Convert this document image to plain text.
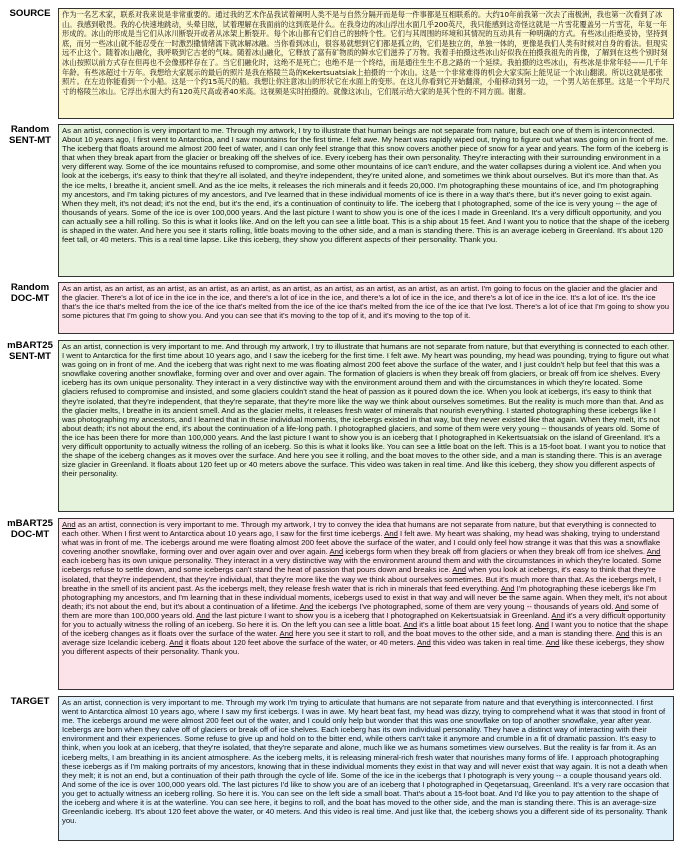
SOURCE	作为一名艺术家，联系对我来说是非常重要的。通过我的艺术作品我试着阐明人类不是与自然分隔开而是每一件事都是互相联系的。大约10年前我第一次去了南极洲，我也第一次看到了冰山。我感到敬畏。我的心快速地跳动，头晕目眩，试着理解在我面前的这到底是什么。在我身边的冰山浮出水面几乎200英尺，我只能感到这奇怪这就是一片雪花覆盖另一片雪花，年复一年形成的。冰山的形成是当它们从冰川断裂开或者从冰架上断裂开。每个冰山都有它们自己的独特个性。它们与其周围的环境和其情况的互动具有一种明确的方式。有些冰山拒绝妥协，坚持到底，而另一些冰山就不能忍受在一时激烈撒情绪濡下就冰解冰融。当你看到冰山，很容易就想到它们都是孤立的，它们是独立的，单独一体的，更像是我们人类有时候对自身的看法。但现实远不止这个。随着冰山融化，我呼吸到它古老的气味。随着冰山融化，它释放了富有矿物质的鲜水它们滋养了万物。我着手拍摄这些冰山好似我在拍摄我祖先的肖像，了解到在这些个别时刻冰山按照以前方式存在但再也不会像那样存在了。当它们融化时，这绝不是死亡；也绝不是一个终结，而是通往生生不息之路的一个延续。我拍摄的这些冰山，有些冰是非常年轻——几千年年龄。有些冰超过十万年。我想给大家展示的最后的照片是我在格陵兰岛的Kekertsuatsiak上拍摄的一个冰山。这是一个非常难得的机会大家实际上能见证一个冰山翻滚。所以这就是那张照片。在左边你能看到一个小船。这是一个约15英尺的船。我想让你注意冰山的形状它在水面上的变形。在这儿你看到它开始翻滚，小船移动到另一边，一个男人站在那里。这是一个平均尺寸的格陵兰冰山。它浮出水面大约有120英尺高或者40米高。这视频是实时拍摄的。就像这冰山，它们展示给大家的是其个性的不同方面。谢谢。

Random
SENT-MT

As an artist, connection is very important to me. Through my artwork, I try to illustrate that human beings are not separate from nature, but each one of them is interconnected. About 10 years ago, I first went to Antarctica, and I saw mountains for the first time. I felt awe. My heart was rapidly wiped out, trying to figure out what was going on in front of me. The iceberg that floats around me almost 200 feet of water, and I can only feel strange that this snow covers another piece of snow for a year and years. The form of the iceberg is that when they break apart from the glacier or breaking off the shelves of ice. Every iceberg has their own personality. They're interacting with their surrounding environment in a very different way. Some of the ice mountains refused to compromise, and some other mountains of ice can't endure, and the water collapses during a violent ice. And when you look at the icebergs, it's easy to think that they're all isolated, and they're independent, they're united alone, and sometimes we think about ourselves. But it's more than that. As the ice melts, I breathe it, ancient smell. And as the ice melts, it releases the rich minerals and it feeds 20,000. I'm photographing these mountains of ice, and I'm photographing my ancestors, and I'm taking pictures of my ancestors, and I've learned that in these individual moments of ice is there in a way that's there, but it's never going to exist again. When they melt, it's not dead; it's not the end, but it's the end, it's a continuation of continuity to life. The iceberg that I photographed, some of the ice is very young -- the age of thousands of years. Some of the ice is over 100,000 years. And the last picture I want to show you is one of the ices I made in Greenland. It's a very difficult opportunity, and you can actually see a hill rolling. So this is what it looks like. And on the left you can see a little boat. This is a ship about 15 feet. And I want you to notice that the shape of the iceberg is shaped in the water. And here you see it starts rolling, little boats moving to the other side, and a man is standing there. This is an average iceberg in Greenland. It's about 120 feet tall, or 40 meters. This is a real time lapse. Like this iceberg, they show you different aspects of their personality. Thank you.

Random
DOC-MT

As an artist, as an artist, as an artist, as an artist, as an artist, as an artist, as an artist, as an artist, as an artist, as an artist. I'm going to focus on the glacier and the glacier and the glacier. There's a lot of ice in the ice in the ice, and there's a lot of ice in the ice, and there's a lot of ice in the ice, and there's a lot of ice in the ice. It's a lot of ice. It's the ice that's the ice that's melted from the ice of the ice that's melted from the ice of the ice that's melted from the ice of the ice that I've lost. There's a lot of ice that I'm going to show you some pictures that I'm going to show you. And you can see that it's moving to the top of it, and it's moving to the top of it.

mBART25
SENT-MT

As an artist, connection is very important to me. And through my artwork, I try to illustrate that humans are not separate from nature, but that everything is connected to each other. I went to Antarctica for the first time about 10 years ago, and I saw the iceberg for the first time. I felt awe. My heart was pounding, my head was pounding, trying to figure out what was going on in front of me. And the iceberg that was right next to me was floating almost 200 feet above the surface of the water, and I just couldn't help but feel that this was a snowflake covering another snowflake, forming over and over and over again. The formation of glaciers is when they break off from glaciers, or break off from ice shelves. Every iceberg has its own unique personality. They interact in a very distinctive way with the environment around them and with the circumstances in which they're located. Some glaciers refused to compromise and insisted, and some glaciers couldn't stand the heat of passion as it poured down the ice. When you look at icebergs, it's easy to think that they're isolated, that they're independent, that they're separate, that they're more like the way we think about ourselves sometimes. But the reality is much more than that. And as the glacier melts, I breathe in its ancient smell. And as the glacier melts, it releases fresh water of minerals that nourish everything. I started photographing these icebergs like I was photographing my ancestors, and I learned that in these individual moments, the icebergs existed in that way, but they never existed like that again. When they melt, it's not about death; it's not about the end, it's about the continuation of a life-long path. I photographed glaciers, and some of them were very young -- thousands of years old. Some of the ice has been there for more than 100,000 years. And the last picture I want to show you is an iceberg that I photographed in Kekertsuatsiak on the island of Greenland. It's a very difficult opportunity to actually witness the rolling of an iceberg. So this is what it looks like. You can see a little boat on the left. This is a 15-foot boat. I want you to notice that the shape of the iceberg changes as it moves over the surface. And here you see it rolling, and the boat moves to the other side, and a man is standing there. This is an average size glacier in Greenland. It floats about 120 feet up or 40 meters above the surface. This video was taken in real time. And like this iceberg, they show you different aspects of their personality.

mBART25
DOC-MT

And as an artist, connection is very important to me. Through my artwork, I try to convey the idea that humans are not separate from nature, but that everything is connected to each other. When I first went to Antarctica about 10 years ago, I saw for the first time icebergs. And I felt awe. My heart was shaking, my head was shaking, trying to understand what was in front of me. The icebergs around me were floating almost 200 feet above the surface of the water, and I could only feel how strange it was that this was a snowflake covering another snowflake, forming over and over again over and over again. And icebergs form when they break off from glaciers or when they break off from ice shelves. And each iceberg has its own unique personality. They interact in a very distinctive way with the environment around them and with the circumstances in which they're located. Some icebergs refuse to settle down, and some icebergs can't stand the heat of passion that pours down and breaks ice. And when you look at icebergs, it's easy to think that they're isolated, that they're independent, that they're individual, that they're more like the way we think about ourselves sometimes. But it's much more than that. As the icebergs melt, I breathe in the smell of its ancient past. As the icebergs melt, they release fresh water that is rich in minerals that feed everything. And I'm photographing these icebergs like I'm photographing my ancestors, and I'm learning that in these individual moments, icebergs used to exist in that way and will never be the same again. When they melt, it's not about death; it's not about the end, but it's about a continuation of a lifetime. And the icebergs I've photographed, some of them are very young -- thousands of years old. And some of them are more than 100,000 years old. And the last picture I want to show you is a iceberg that I photographed on Kekertsuatsiak in Greenland. And it's a very difficult opportunity for you to actually witness the rolling of an iceberg. So here it is. On the left you can see a little boat. And it's a little boat about 15 feet long. And I want you to notice that the shape of the iceberg changes as it floats over the surface of the water. And here you see it start to roll, and the boat moves to the other side, and a man is standing there. And this is an average size Icelandic iceberg. And it floats about 120 feet above the surface of the water, or 40 meters. And this video was taken in real time. And like these icebergs, they show you different aspects of their personality. Thank you.

TARGET	As an artist, connection is very important to me. Through my work I'm trying to articulate that humans are not separate from nature and that everything is interconnected. I first went to Antarctica almost 10 years ago, where I saw my first icebergs. I was in awe. My heart beat fast, my head was dizzy, trying to comprehend what it was that stood in front of me. The icebergs around me were almost 200 feet out of the water, and I could only help but wonder that this was one snowflake on top of another snowflake, year after year. Icebergs are born when they calve off of glaciers or break off of ice shelves. Each iceberg has its own individual personality. They have a distinct way of interacting with their environment and their experiences. Some refuse to give up and hold on to the bitter end, while others can't take it anymore and crumble in a fit of dramatic passion. It's easy to think, when you look at an iceberg, that they're isolated, that they're separate and alone, much like we as humans sometimes view ourselves. But the reality is far from it. As an iceberg melts, I am breathing in its ancient atmosphere. As the iceberg melts, it is releasing mineral-rich fresh water that nourishes many forms of life. I approach photographing these icebergs as if I'm making portraits of my ancestors, knowing that in these individual moments they exist in that way and will never exist that way again. It is not a death when they melt; it is not an end, but a continuation of their path through the cycle of life. Some of the ice in the icebergs that I photograph is very young -- a couple thousand years old. And some of the ice is over 100,000 years old. The last pictures I'd like to show you are of an iceberg that I photographed in Qeqetarsuaq, Greenland. It's a very rare occasion that you get to actually witness an iceberg rolling. So here it is. You can see on the left side a small boat. That's about a 15-foot boat. And I'd like you to pay attention to the shape of the iceberg and where it is at the waterline. You can see here, it begins to roll, and the boat has moved to the other side, and the man is standing there. This is an average-size Greenlandic iceberg. It's about 120 feet above the water, or 40 meters. And this video is real time. And just like that, the iceberg shows you a different side of its personality. Thank you.
